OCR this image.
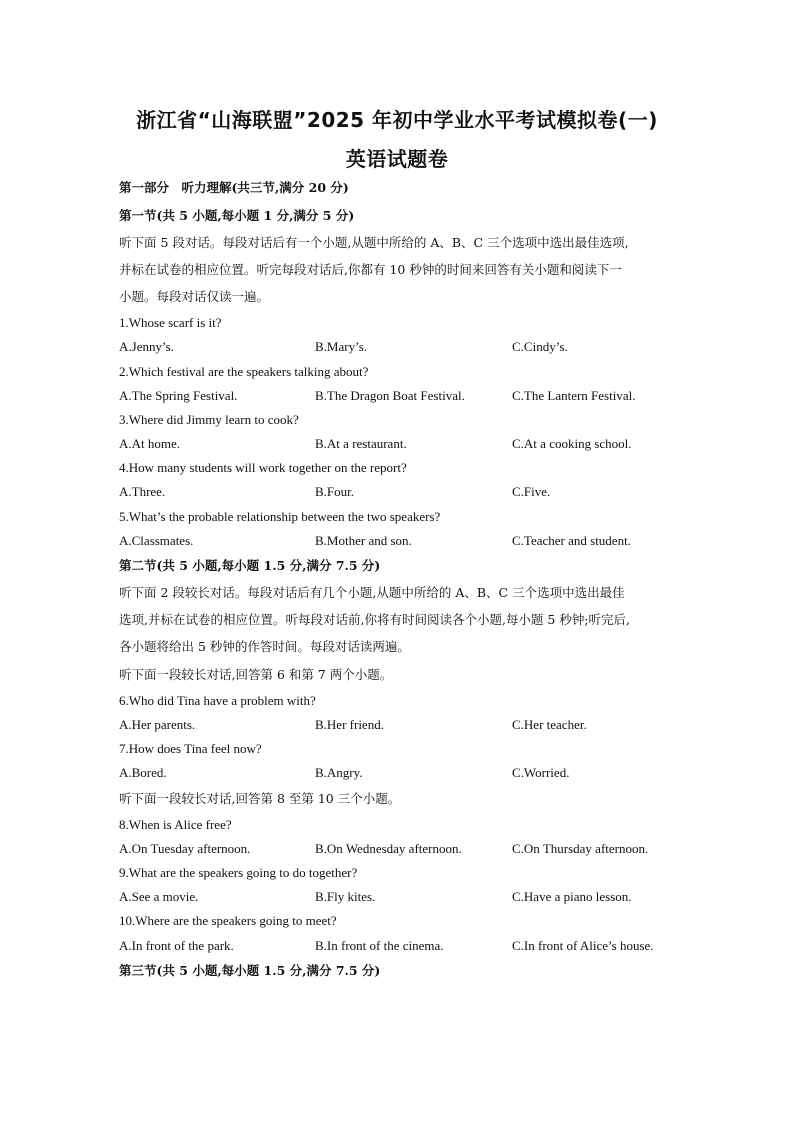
浙江省“山海联盟”2025 年初中学业水平考试模拟卷(一)
英语试题卷
第一部分　听力理解(共三节,满分 20 分)
第一节(共 5 小题,每小题 1 分,满分 5 分)
听下面 5 段对话。每段对话后有一个小题,从题中所给的 A、B、C 三个选项中选出最佳选项,
并标在试卷的相应位置。听完每段对话后,你都有 10 秒钟的时间来回答有关小题和阅读下一
小题。每段对话仅读一遍。
1.Whose scarf is it?
A.Jenny’s.	B.Mary’s.	C.Cindy’s.
2.Which festival are the speakers talking about?
A.The Spring Festival.	B.The Dragon Boat Festival.	C.The Lantern Festival.
3.Where did Jimmy learn to cook?
A.At home.	B.At a restaurant.	C.At a cooking school.
4.How many students will work together on the report?
A.Three.	B.Four.	C.Five.
5.What’s the probable relationship between the two speakers?
A.Classmates.	B.Mother and son.	C.Teacher and student.
第二节(共 5 小题,每小题 1.5 分,满分 7.5 分)
听下面 2 段较长对话。每段对话后有几个小题,从题中所给的 A、B、C 三个选项中选出最佳
选项,并标在试卷的相应位置。听每段对话前,你将有时间阅读各个小题,每小题 5 秒钟;听完后,
各小题将给出 5 秒钟的作答时间。每段对话读两遍。
听下面一段较长对话,回答第 6 和第 7 两个小题。
6.Who did Tina have a problem with?
A.Her parents.	B.Her friend.	C.Her teacher.
7.How does Tina feel now?
A.Bored.	B.Angry.	C.Worried.
听下面一段较长对话,回答第 8 至第 10 三个小题。
8.When is Alice free?
A.On Tuesday afternoon.	B.On Wednesday afternoon.	C.On Thursday afternoon.
9.What are the speakers going to do together?
A.See a movie.	B.Fly kites.	C.Have a piano lesson.
10.Where are the speakers going to meet?
A.In front of the park.	B.In front of the cinema.	C.In front of Alice’s house.
第三节(共 5 小题,每小题 1.5 分,满分 7.5 分)
